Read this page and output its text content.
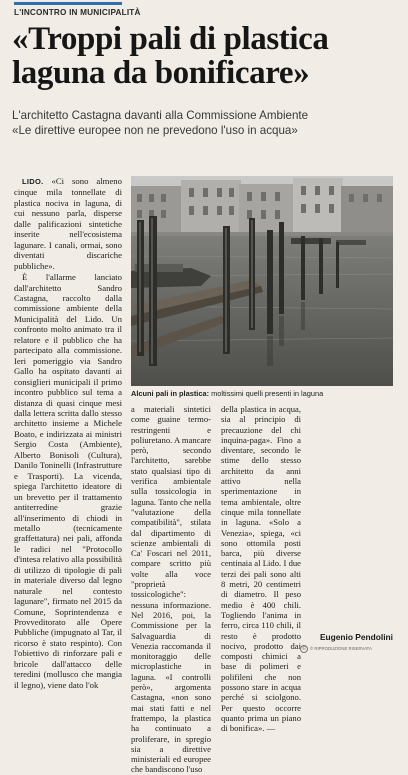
L'INCONTRO IN MUNICIPALITÀ
«Troppi pali di plastica laguna da bonificare»
L'architetto Castagna davanti alla Commissione Ambiente
«Le direttive europee non ne prevedono l'uso in acqua»

LIDO. «Ci sono almeno cinque mila tonnellate di plastica nociva in laguna, di cui nessuno parla, disperse dalle palificazioni sintetiche inserite nell'ecosistema lagunare. I canali, ormai, sono diventati discariche pubbliche».

È l'allarme lanciato dall'architetto Sandro Castagna, raccolto dalla commissione ambiente della Municipalità del Lido. Un confronto molto animato tra il relatore e il pubblico che ha partecipato alla commissione. Ieri pomeriggio via Sandro Gallo ha ospitato davanti ai consiglieri municipali il primo incontro pubblico sul tema a distanza di quasi cinque mesi dalla lettera scritta dallo stesso architetto insieme a Michele Boato, e indirizzata ai ministri Sergio Costa (Ambiente), Alberto Bonisoli (Cultura), Danilo Toninelli (Infrastrutture e Trasporti). La vicenda, spiega l'architetto ideatore di un brevetto per il trattamento antiterredine grazie all'inserimento di chiodi in metallo (tecnicamente graffettatura) nei pali, affonda le radici nel "Protocollo d'intesa relativo alla possibilità di utilizzo di tipologie di pali in materiale diverso dal legno naturale nel contesto lagunare", firmato nel 2015 da Comune, Soprintendenza e Provveditorato alle Opere Pubbliche (impugnato al Tar, il ricorso è stato respinto). Con l'obiettivo di rinforzare pali e bricole dall'attacco delle teredini (mollusco che mangia il legno), viene dato l'ok

Alcuni pali in plastica: moltissimi quelli presenti in laguna
a materiali sintetici come guaine termo-restringenti e poliuretano. A mancare però, secondo l'architetto, sarebbe stato qualsiasi tipo di verifica ambientale sulla tossicologia in laguna. Tanto che nella "valutazione della compatibilità", stilata dal dipartimento di scienze ambientali di Ca' Foscari nel 2011, compare scritto più volte alla voce "proprietà tossicologiche": nessuna informazione. Nel 2016, poi, la Commissione per la Salvaguardia di Venezia raccomanda il monitoraggio delle microplastiche in laguna. «I controlli però», argomenta Castagna, «non sono mai stati fatti e nel frattempo, la plastica ha continuato a proliferare, in spregio sia a direttive ministeriali ed europee che bandiscono l'uso
della plastica in acqua, sia al principio di precauzione del chi inquina-paga». Fino a diventare, secondo le stime dello stesso architetto da anni attivo nella sperimentazione in tema ambientale, oltre cinque mila tonnellate in laguna. «Solo a Venezia», spiega, «ci sono ottomila posti barca, più diverse centinaia al Lido. I due terzi dei pali sono alti 8 metri, 20 centimetri di diametro. Il peso medio è 400 chili. Togliendo l'anima in ferro, circa 110 chili, il resto è prodotto nocivo, prodotto dai composti chimici a base di polimeri e polifileni che non possono stare in acqua perché si sciolgono. Per questo occorre quanto prima un piano di bonifica». —
Eugenio Pendolini
© © RIPRODUZIONE RISERVATA
